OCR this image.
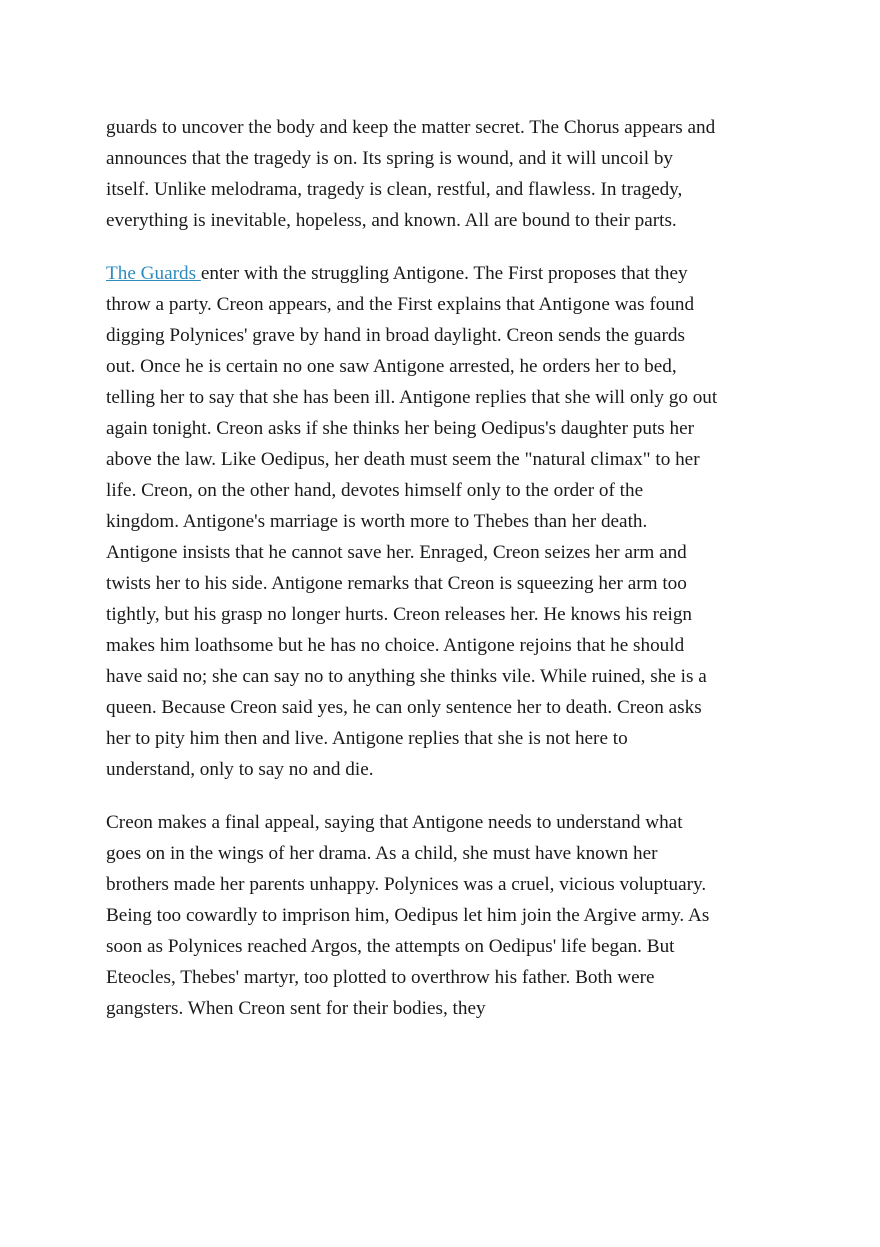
guards to uncover the body and keep the matter secret. The Chorus appears and announces that the tragedy is on. Its spring is wound, and it will uncoil by itself. Unlike melodrama, tragedy is clean, restful, and flawless. In tragedy, everything is inevitable, hopeless, and known. All are bound to their parts.

The Guards enter with the struggling Antigone. The First proposes that they throw a party. Creon appears, and the First explains that Antigone was found digging Polynices' grave by hand in broad daylight. Creon sends the guards out. Once he is certain no one saw Antigone arrested, he orders her to bed, telling her to say that she has been ill. Antigone replies that she will only go out again tonight. Creon asks if she thinks her being Oedipus's daughter puts her above the law. Like Oedipus, her death must seem the "natural climax" to her life. Creon, on the other hand, devotes himself only to the order of the kingdom. Antigone's marriage is worth more to Thebes than her death.

Antigone insists that he cannot save her. Enraged, Creon seizes her arm and twists her to his side. Antigone remarks that Creon is squeezing her arm too tightly, but his grasp no longer hurts. Creon releases her. He knows his reign makes him loathsome but he has no choice. Antigone rejoins that he should have said no; she can say no to anything she thinks vile. While ruined, she is a queen. Because Creon said yes, he can only sentence her to death. Creon asks her to pity him then and live. Antigone replies that she is not here to understand, only to say no and die.

Creon makes a final appeal, saying that Antigone needs to understand what goes on in the wings of her drama. As a child, she must have known her brothers made her parents unhappy. Polynices was a cruel, vicious voluptuary. Being too cowardly to imprison him, Oedipus let him join the Argive army. As soon as Polynices reached Argos, the attempts on Oedipus' life began. But Eteocles, Thebes' martyr, too plotted to overthrow his father. Both were gangsters. When Creon sent for their bodies, they
